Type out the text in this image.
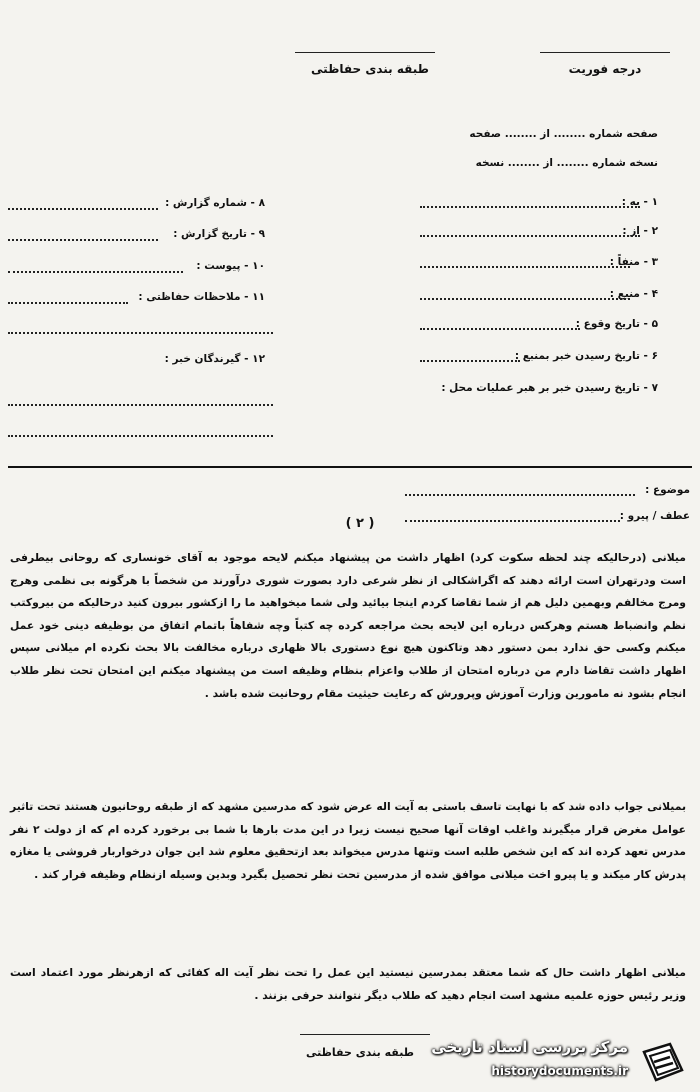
طبقه بندی حفاظتی	درجه فوریت
صفحه شماره ........ از ........ صفحه
نسخه شماره ........ از ........ نسخه
۱ - به :
۲ - از :
۳ - منفاً :
۴ - منبع :
۵ - تاریخ وقوع :
۶ - تاریخ رسیدن خبر بمنبع :
۷ - تاریخ رسیدن خبر بر هبر عملیات محل :
۸ - شماره گزارش :
۹ - تاریخ گزارش :
۱۰ - پیوست :
۱۱ - ملاحظات حفاظتی :
۱۲ - گیرندگان خبر :
موضوع :
عطف / پیرو :
( ۲ )
میلانی (درحالیکه چند لحظه سکوت کرد) اظهار داشت من پیشنهاد میکنم لایحه موجود به آقای خونساری که روحانی بیطرفی است ودرتهران است ارائه دهند که اگراشکالی از نظر شرعی دارد بصورت شوری درآورند من شخصاً با هرگونه بی نظمی وهرج ومرج مخالفم وبهمین دلیل هم از شما تقاضا کردم اینجا بیائید ولی شما میخواهید ما را ازکشور بیرون کنید درحالیکه من بیروکتب نظم وانضباط هستم وهرکس درباره این لایحه بحث مراجعه کرده چه کتباً وچه شفاهاً باتمام اتفاق من بوظیفه دینی خود عمل میکنم وکسی حق ندارد بمن دستور دهد وتاکنون هیچ نوع دستوری بالا ظهاری درباره مخالفت بالا بحث نکرده ام میلانی سپس اظهار داشت تقاضا دارم من درباره امتحان از طلاب واعزام بنظام وظیفه است من پیشنهاد میکنم این امتحان تحت نظر طلاب انجام بشود نه مامورین وزارت آموزش وپرورش که رعایت حیثیت مقام روحانیت شده باشد .
بمیلانی جواب داده شد که با نهایت تاسف باستی به آیت اله عرض شود که مدرسین مشهد که از طبقه روحانیون هستند تحت تاثیر عوامل مغرض قرار میگیرند واغلب اوقات آنها صحیح نیست زیرا در این مدت بارها با شما بی برخورد کرده ام که از دولت ۲ نفر مدرس تعهد کرده اند که این شخص طلبه است وتنها مدرس میخواند بعد ازتحقیق معلوم شد این جوان درخواربار فروشی یا مغازه پدرش کار میکند و یا پیرو اخت میلانی موافق شده از مدرسین تحت نظر تحصیل بگیرد وبدین وسیله ازنظام وظیفه فرار کند .
میلانی اظهار داشت حال که شما معتقد بمدرسین نیستید این عمل را تحت نظر آیت اله کفائی که ازهرنظر مورد اعتماد است وزیر رئیس حوزه علمیه مشهد است انجام دهید که طلاب دیگر نتوانند حرفی بزنند .
طبقه بندی حفاظتی	مرکز بررسی اسناد تاریخی
historydocuments.ir
